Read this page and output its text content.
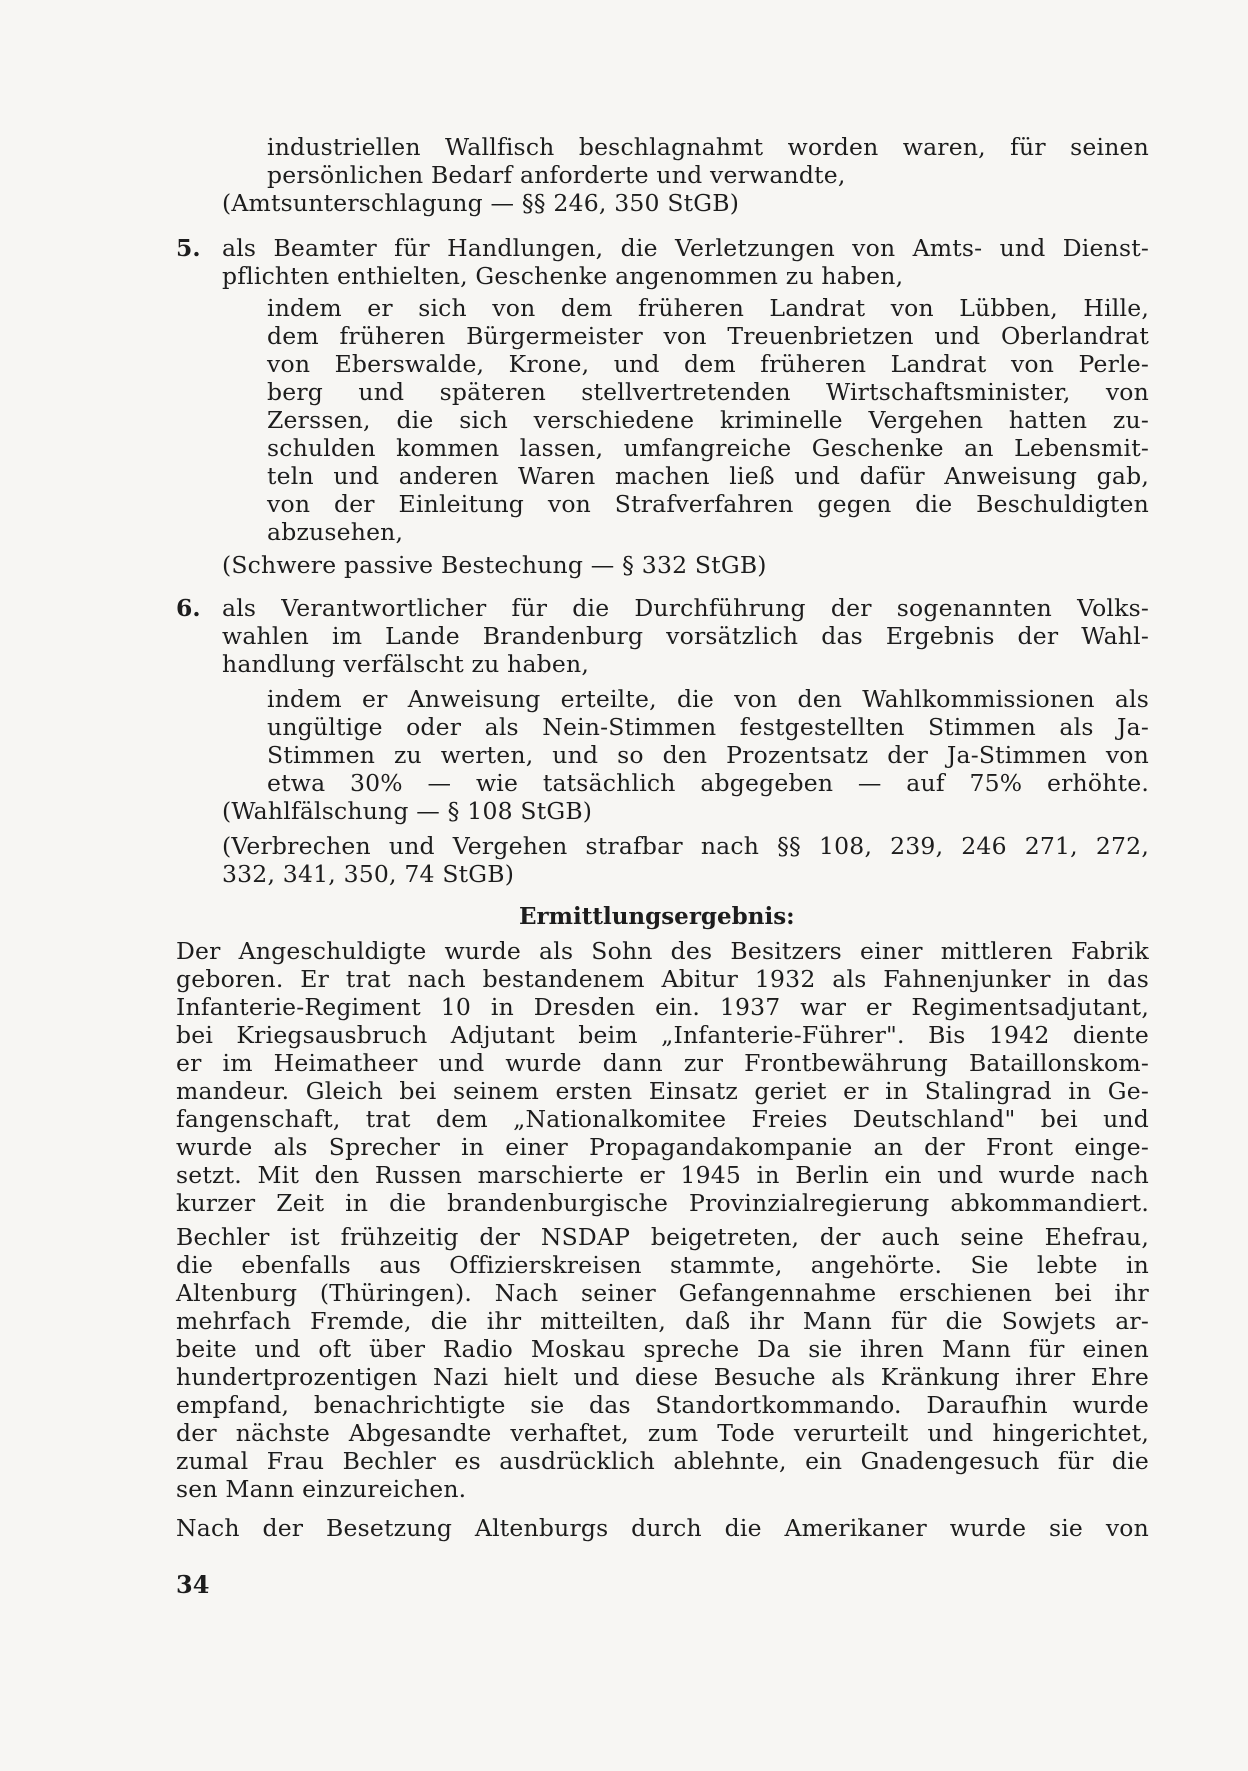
industriellen Wallfisch beschlagnahmt worden waren, für seinen
persönlichen Bedarf anforderte und verwandte,
(Amtsunterschlagung — §§ 246, 350 StGB)
5. als Beamter für Handlungen, die Verletzungen von Amts- und Dienst-
pflichten enthielten, Geschenke angenommen zu haben,
indem er sich von dem früheren Landrat von Lübben, Hille,
dem früheren Bürgermeister von Treuenbrietzen und Oberlandrat
von Eberswalde, Krone, und dem früheren Landrat von Perle-
berg und späteren stellvertretenden Wirtschaftsminister, von
Zerssen, die sich verschiedene kriminelle Vergehen hatten zu-
schulden kommen lassen, umfangreiche Geschenke an Lebensmit-
teln und anderen Waren machen ließ und dafür Anweisung gab,
von der Einleitung von Strafverfahren gegen die Beschuldigten
abzusehen,
(Schwere passive Bestechung — § 332 StGB)
6. als Verantwortlicher für die Durchführung der sogenannten Volks-
wahlen im Lande Brandenburg vorsätzlich das Ergebnis der Wahl-
handlung verfälscht zu haben,
indem er Anweisung erteilte, die von den Wahlkommissionen als
ungültige oder als Nein-Stimmen festgestellten Stimmen als Ja-
Stimmen zu werten, und so den Prozentsatz der Ja-Stimmen von
etwa 30% — wie tatsächlich abgegeben — auf 75% erhöhte.
(Wahlfälschung — § 108 StGB)
(Verbrechen und Vergehen strafbar nach §§ 108, 239, 246 271, 272,
332, 341, 350, 74 StGB)
Ermittlungsergebnis:
Der Angeschuldigte wurde als Sohn des Besitzers einer mittleren Fabrik
geboren. Er trat nach bestandenem Abitur 1932 als Fahnenjunker in das
Infanterie-Regiment 10 in Dresden ein. 1937 war er Regimentsadjutant,
bei Kriegsausbruch Adjutant beim „Infanterie-Führer". Bis 1942 diente
er im Heimatheer und wurde dann zur Frontbewährung Bataillonskom-
mandeur. Gleich bei seinem ersten Einsatz geriet er in Stalingrad in Ge-
fangenschaft, trat dem „Nationalkomitee Freies Deutschland" bei und
wurde als Sprecher in einer Propagandakompanie an der Front einge-
setzt. Mit den Russen marschierte er 1945 in Berlin ein und wurde nach
kurzer Zeit in die brandenburgische Provinzialregierung abkommandiert.
Bechler ist frühzeitig der NSDAP beigetreten, der auch seine Ehefrau,
die ebenfalls aus Offizierskreisen stammte, angehörte. Sie lebte in
Altenburg (Thüringen). Nach seiner Gefangennahme erschienen bei ihr
mehrfach Fremde, die ihr mitteilten, daß ihr Mann für die Sowjets ar-
beite und oft über Radio Moskau spreche Da sie ihren Mann für einen
hundertprozentigen Nazi hielt und diese Besuche als Kränkung ihrer Ehre
empfand, benachrichtigte sie das Standortkommando. Daraufhin wurde
der nächste Abgesandte verhaftet, zum Tode verurteilt und hingerichtet,
zumal Frau Bechler es ausdrücklich ablehnte, ein Gnadengesuch für die
sen Mann einzureichen.
Nach der Besetzung Altenburgs durch die Amerikaner wurde sie von
34
